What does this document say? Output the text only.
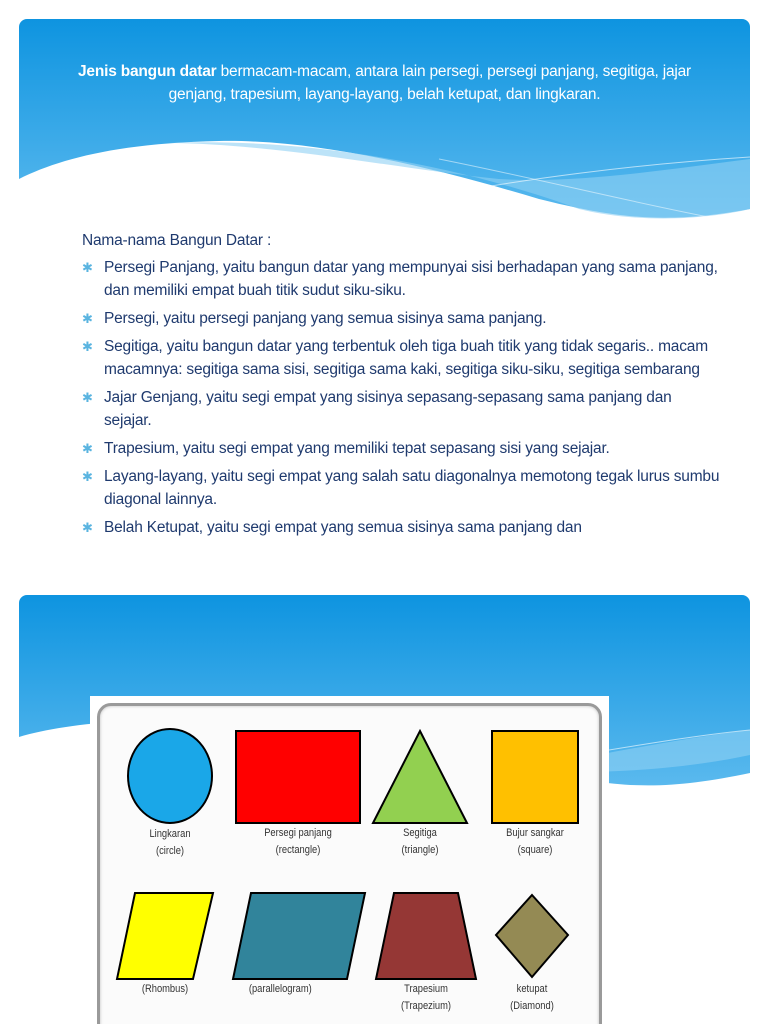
Jenis bangun datar bermacam-macam, antara lain persegi, persegi panjang, segitiga, jajar genjang, trapesium, layang-layang, belah ketupat, dan lingkaran.

Nama-nama Bangun Datar :
✱ Persegi Panjang, yaitu bangun datar yang mempunyai sisi berhadapan yang sama panjang, dan memiliki empat buah titik sudut siku-siku.
✱ Persegi, yaitu persegi panjang yang semua sisinya sama panjang.
✱ Segitiga, yaitu bangun datar yang terbentuk oleh tiga buah titik yang tidak segaris.. macam macamnya: segitiga sama sisi, segitiga sama kaki, segitiga siku-siku, segitiga sembarang
✱ Jajar Genjang, yaitu segi empat yang sisinya sepasang-sepasang sama panjang dan sejajar.
✱ Trapesium, yaitu segi empat yang memiliki tepat sepasang sisi yang sejajar.
✱ Layang-layang, yaitu segi empat yang salah satu diagonalnya memotong tegak lurus sumbu diagonal lainnya.
✱ Belah Ketupat, yaitu segi empat yang semua sisinya sama panjang dan
Lingkaran
(circle)
Persegi panjang
(rectangle)
Segitiga
(triangle)
Bujur sangkar
(square)
(Rhombus)	(parallelogram)	Trapesium
(Trapezium)
ketupat
(Diamond)
